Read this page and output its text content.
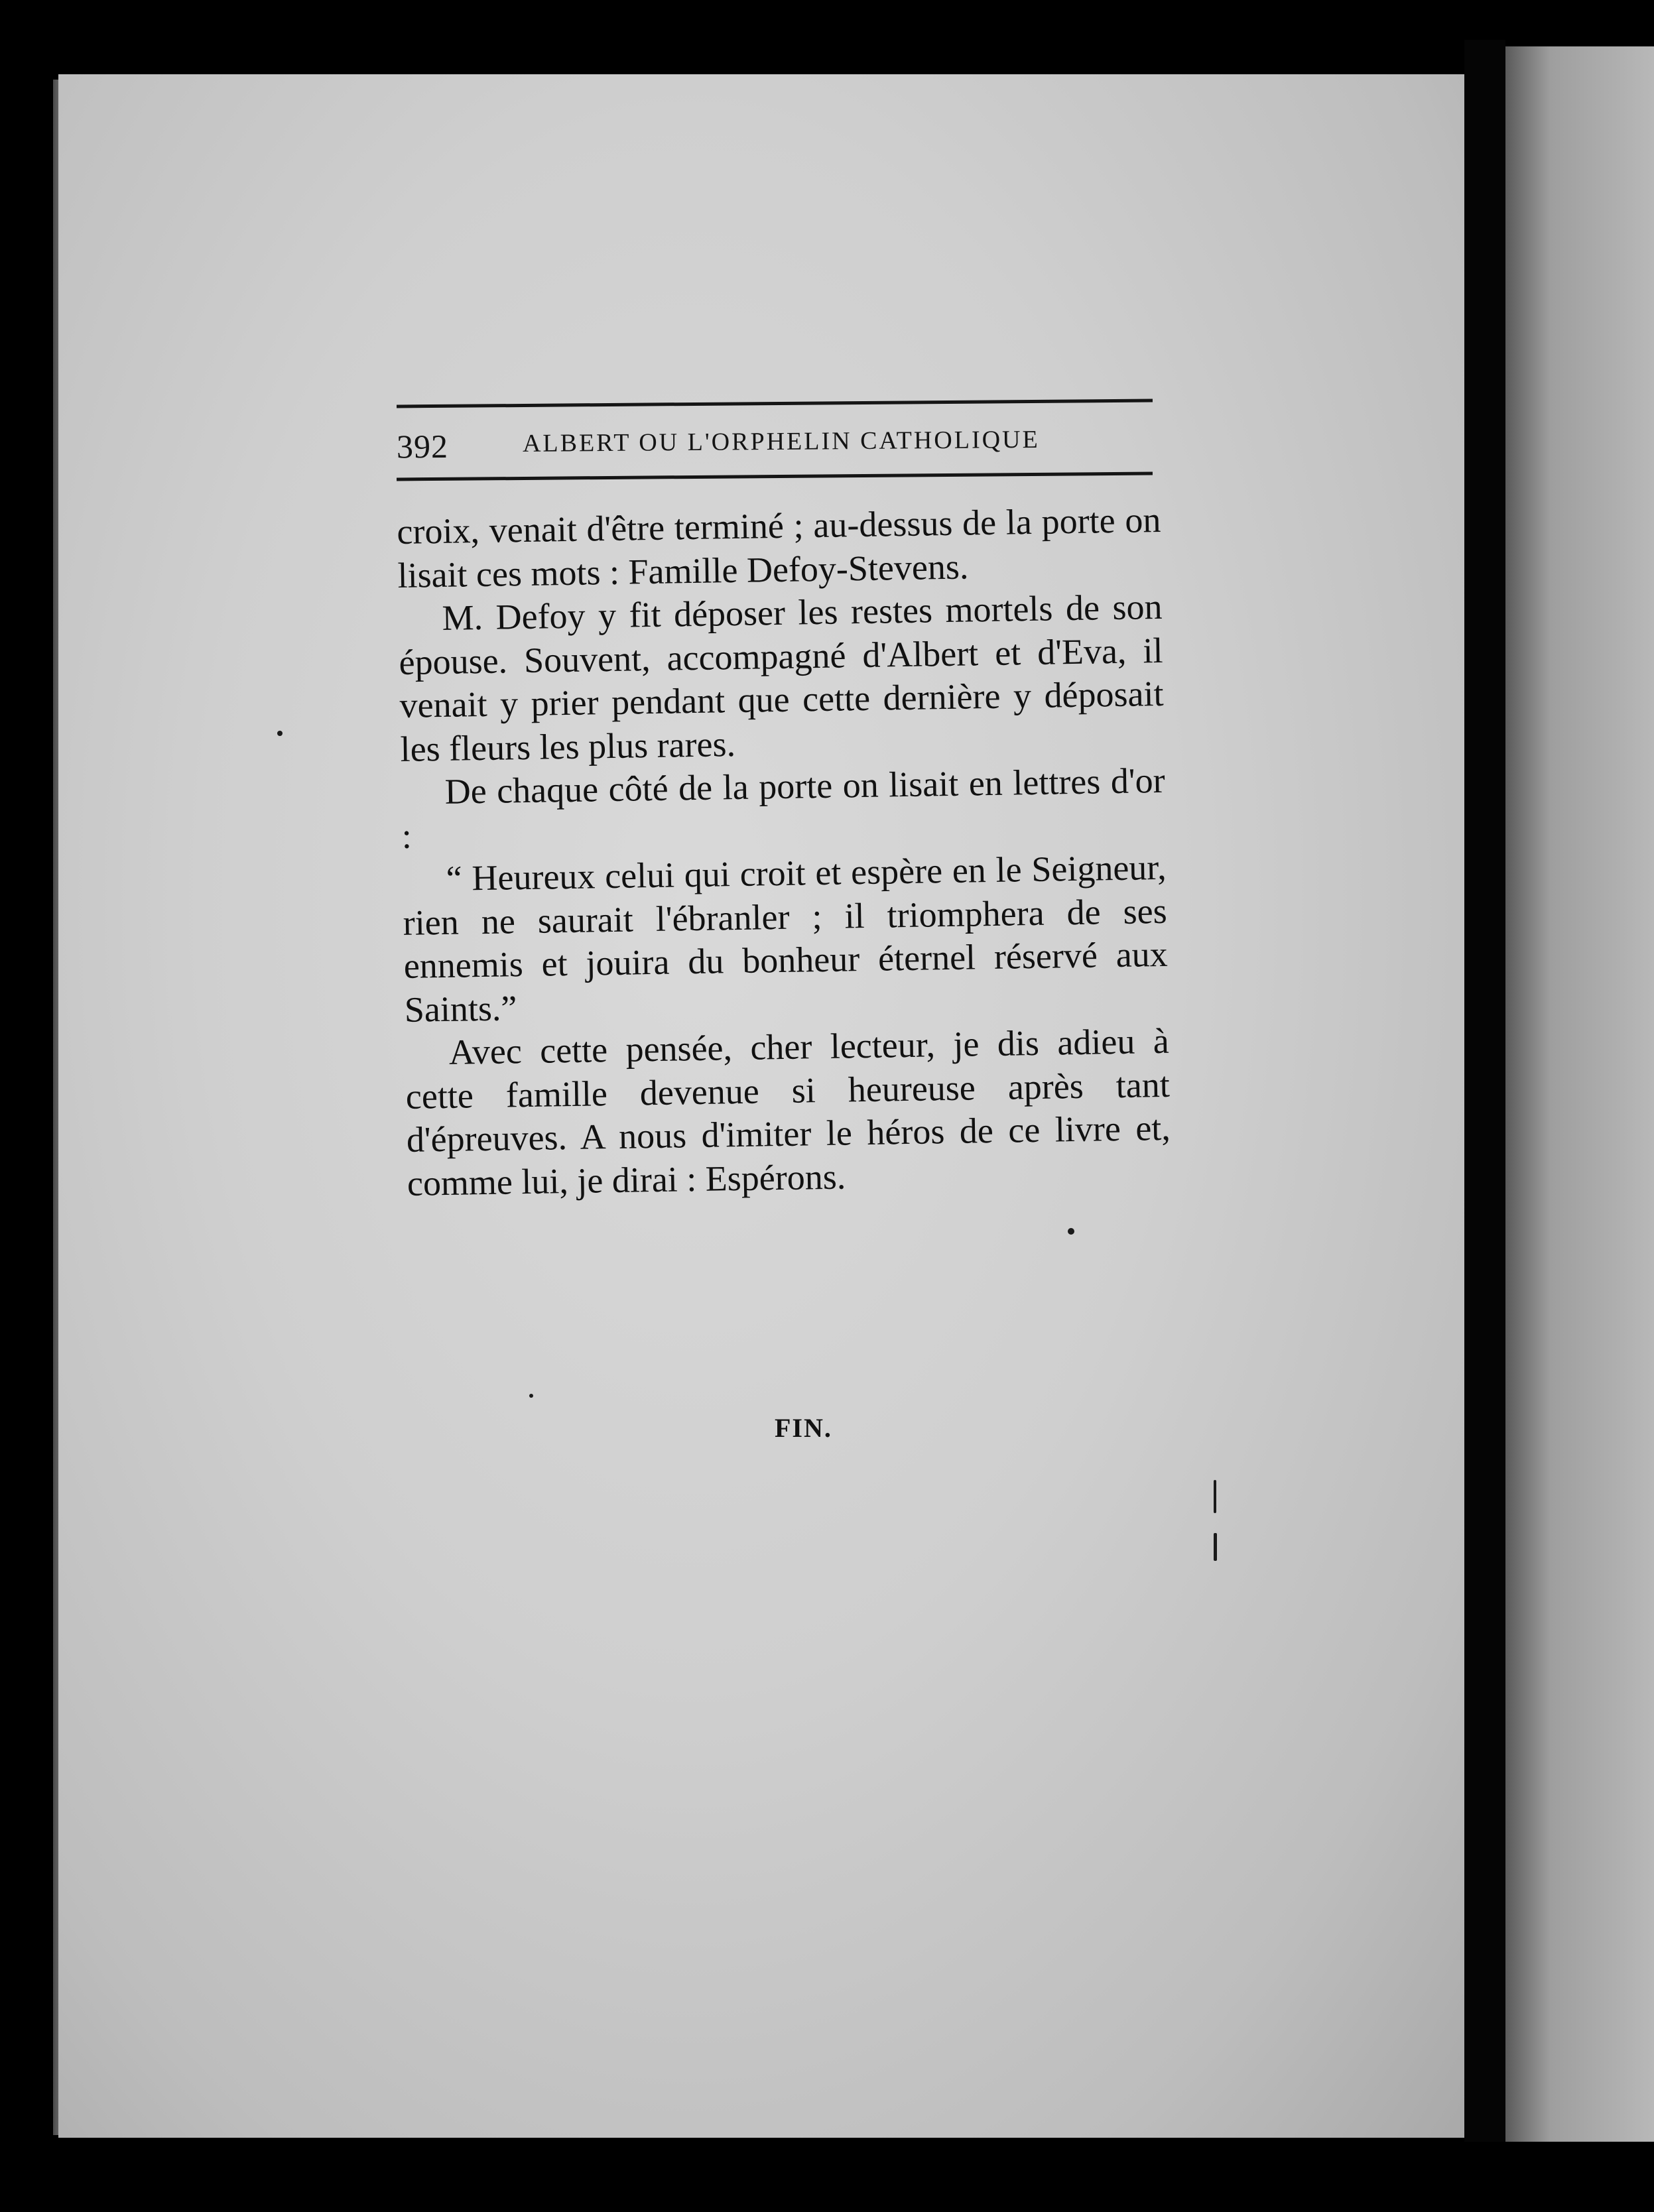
392	ALBERT OU L'ORPHELIN CATHOLIQUE

croix, venait d'être terminé ; au-dessus de la porte on lisait ces mots : Famille Defoy-Stevens.

M. Defoy y fit déposer les restes mortels de son épouse. Souvent, accompagné d'Albert et d'Eva, il venait y prier pendant que cette dernière y déposait les fleurs les plus rares.

De chaque côté de la porte on lisait en lettres d'or :

“ Heureux celui qui croit et espère en le Seigneur, rien ne saurait l'ébranler ; il triomphera de ses ennemis et jouira du bonheur éternel réservé aux Saints.”

Avec cette pensée, cher lecteur, je dis adieu à cette famille devenue si heureuse après tant d'épreuves. A nous d'imiter le héros de ce livre et, comme lui, je dirai : Espérons.

FIN.
